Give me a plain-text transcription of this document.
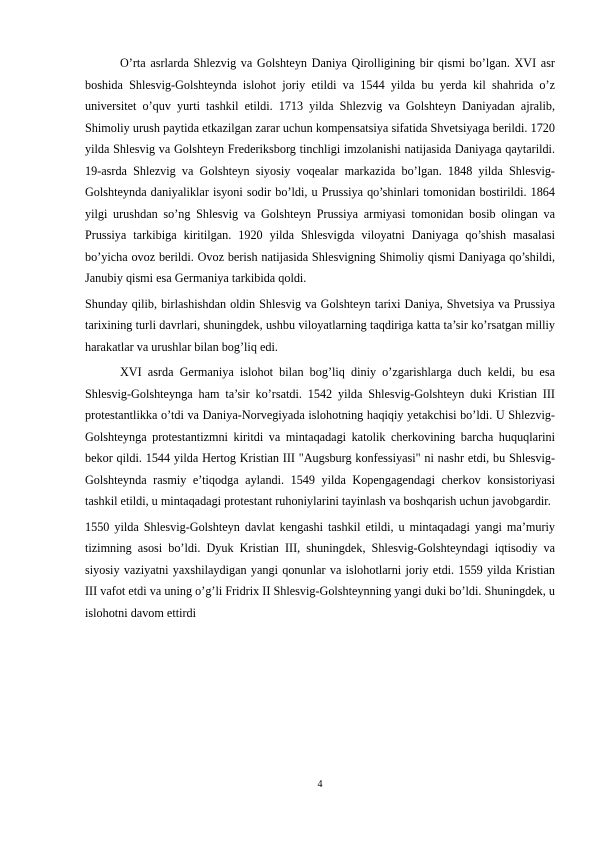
O’rta asrlarda Shlezvig va Golshteyn Daniya Qirolligining bir qismi bo’lgan. XVI asr boshida Shlesvig-Golshteynda islohot joriy etildi va 1544 yilda bu yerda kil shahrida o’z universitet o’quv yurti tashkil etildi. 1713 yilda Shlezvig va Golshteyn Daniyadan ajralib, Shimoliy urush paytida etkazilgan zarar uchun kompensatsiya sifatida Shvetsiyaga berildi. 1720 yilda Shlesvig va Golshteyn Frederiksborg tinchligi imzolanishi natijasida Daniyaga qaytarildi. 19-asrda Shlezvig va Golshteyn siyosiy voqealar markazida bo’lgan. 1848 yilda Shlesvig-Golshteynda daniyaliklar isyoni sodir bo’ldi, u Prussiya qo’shinlari tomonidan bostirildi. 1864 yilgi urushdan so’ng Shlesvig va Golshteyn Prussiya armiyasi tomonidan bosib olingan va Prussiya tarkibiga kiritilgan. 1920 yilda Shlesvigda viloyatni Daniyaga qo’shish masalasi bo’yicha ovoz berildi. Ovoz berish natijasida Shlesvigning Shimoliy qismi Daniyaga qo’shildi, Janubiy qismi esa Germaniya tarkibida qoldi.

Shunday qilib, birlashishdan oldin Shlesvig va Golshteyn tarixi Daniya, Shvetsiya va Prussiya tarixining turli davrlari, shuningdek, ushbu viloyatlarning taqdiriga katta ta’sir ko’rsatgan milliy harakatlar va urushlar bilan bog’liq edi.

XVI asrda Germaniya islohot bilan bog’liq diniy o’zgarishlarga duch keldi, bu esa Shlesvig-Golshteynga ham ta’sir ko’rsatdi. 1542 yilda Shlesvig-Golshteyn duki Kristian III protestantlikka o’tdi va Daniya-Norvegiyada islohotning haqiqiy yetakchisi bo’ldi. U Shlezvig-Golshteynga protestantizmni kiritdi va mintaqadagi katolik cherkovining barcha huquqlarini bekor qildi. 1544 yilda Hertog Kristian III "Augsburg konfessiyasi" ni nashr etdi, bu Shlesvig-Golshteynda rasmiy e’tiqodga aylandi. 1549 yilda Kopengagendagi cherkov konsistoriyasi tashkil etildi, u mintaqadagi protestant ruhoniylarini tayinlash va boshqarish uchun javobgardir.

1550 yilda Shlesvig-Golshteyn davlat kengashi tashkil etildi, u mintaqadagi yangi ma’muriy tizimning asosi bo’ldi. Dyuk Kristian III, shuningdek, Shlesvig-Golshteyndagi iqtisodiy va siyosiy vaziyatni yaxshilaydigan yangi qonunlar va islohotlarni joriy etdi. 1559 yilda Kristian III vafot etdi va uning o’g’li Fridrix II Shlesvig-Golshteynning yangi duki bo’ldi. Shuningdek, u islohotni davom ettirdi

4
